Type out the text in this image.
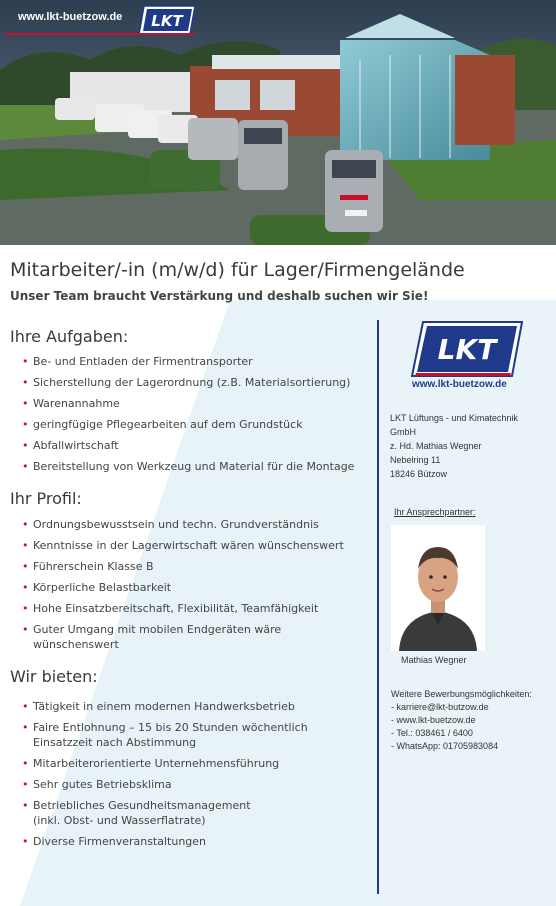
www.lkt-buetzow.de LKT
Mitarbeiter/-in (m/w/d) für Lager/Firmengelände
Unser Team braucht Verstärkung und deshalb suchen wir Sie!
Ihre Aufgaben:
• Be- und Entladen der Firmentransporter
• Sicherstellung der Lagerordnung (z.B. Materialsortierung)
• Warenannahme
• geringfügige Pflegearbeiten auf dem Grundstück
• Abfallwirtschaft
• Bereitstellung von Werkzeug und Material für die Montage
Ihr Profil:
• Ordnungsbewusstsein und techn. Grundverständnis
• Kenntnisse in der Lagerwirtschaft wären wünschenswert
• Führerschein Klasse B
• Körperliche Belastbarkeit
• Hohe Einsatzbereitschaft, Flexibilität, Teamfähigkeit
• Guter Umgang mit mobilen Endgeräten wäre wünschenswert
Wir bieten:
• Tätigkeit in einem modernen Handwerksbetrieb
• Faire Entlohnung – 15 bis 20 Stunden wöchentlich Einsatzzeit nach Abstimmung
• Mitarbeiterorientierte Unternehmensführung
• Sehr gutes Betriebsklima
• Betriebliches Gesundheitsmanagement (inkl. Obst- und Wasserflatrate)
• Diverse Firmenveranstaltungen
LKT
www.lkt-buetzow.de
LKT Lüftungs - und Kimatechnik
GmbH
z. Hd. Mathias Wegner
Nebelring 11
18246 Bützow
Ihr Ansprechpartner:
Mathias Wegner
Weitere Bewerbungsmöglichkeiten:
- karriere@lkt-butzow.de
- www.lkt-buetzow.de
- Tel.: 038461 / 6400
- WhatsApp: 01705983084
